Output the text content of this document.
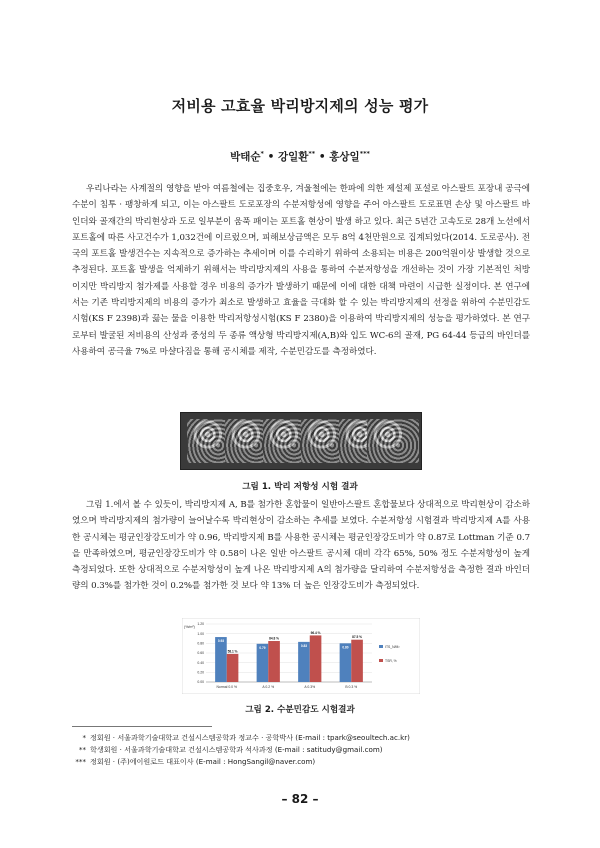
저비용 고효율 박리방지제의 성능 평가
박태순* • 강일환** • 홍상일***

우리나라는 사계절의 영향을 받아 여름철에는 집중호우, 겨울철에는 한파에 의한 제설제 포설로 아스팔트 포장내 공극에 수분이 침투 · 팽창하게 되고, 이는 아스팔트 도로포장의 수분저항성에 영향을 주어 아스팔트 도로표면 손상 및 아스팔트 바인더와 골재간의 박리현상과 도로 일부분이 움푹 패이는 포트홀 현상이 발생 하고 있다. 최근 5년간 고속도로 28개 노선에서 포트홀에 따른 사고건수가 1,032건에 이르렀으며, 피해보상금액은 모두 8억 4천만원으로 집계되었다(2014. 도로공사). 전국의 포트홀 발생건수는 지속적으로 증가하는 추세이며 이를 수리하기 위하여 소용되는 비용은 200억원이상 발생할 것으로 추정된다. 포트홀 발생을 억제하기 위해서는 박리방지제의 사용을 통하여 수분저항성을 개선하는 것이 가장 기본적인 처방이지만 박리방지 첨가제를 사용할 경우 비용의 증가가 발생하기 때문에 이에 대한 대책 마련이 시급한 실정이다. 본 연구에서는 기존 박리방지제의 비용의 증가가 최소로 발생하고 효율을 극대화 할 수 있는 박리방지제의 선정을 위하여 수분민감도시험(KS F 2398)과 끓는 물을 이용한 박리저항성시험(KS F 2380)을 이용하여 박리방지제의 성능을 평가하였다. 본 연구로부터 발굴된 저비용의 산성과 중성의 두 종류 액상형 박리방지제(A,B)와 입도 WC-6의 골재, PG 64-44 등급의 바인더를 사용하여 공극율 7%로 마샬다짐을 통해 공시체를 제작, 수분민감도를 측정하였다.

그림 1. 박리 저항성 시험 결과

그림 1.에서 볼 수 있듯이, 박리방지제 A, B를 첨가한 혼합물이 일반아스팔트 혼합물보다 상대적으로 박리현상이 감소하였으며 박리방지제의 첨가량이 늘어날수록 박리현상이 감소하는 추세를 보였다. 수분저항성 시험결과 박리방지제 A를 사용한 공시체는 평균인장강도비가 약 0.96, 박리방지제 B를 사용한 공시체는 평균인장강도비가 약 0.87로 Lottman 기준 0.7을 만족하였으며, 평균인장강도비가 약 0.58이 나온 일반 아스팔트 공시체 대비 각각 65%, 50% 정도 수분저항성이 높게 측정되었다. 또한 상대적으로 수분저항성이 높게 나온 박리방지제 A의 첨가량을 달리하여 수분저항성을 측정한 결과 바인더량의 0.3%를 첨가한 것이 0.2%를 첨가한 것 보다 약 13% 더 높은 인장강도비가 측정되었다.

(%/m²)
0.00
0.20
0.40
0.60
0.80
1.00
1.20
0.93
58.1 %
Normal 0.0 %
0.79
84.8 %
A 0.2 %
0.83
96.4 %
A 0.3%
0.80
87.5 %
B 0.3 %
ITS_N/M²
TSR, %
그림 2. 수분민감도 시험결과
* 정회원 · 서울과학기술대학교 건설시스템공학과 정교수 · 공학박사 (E-mail : tpark@seoultech.ac.kr)
** 학생회원 · 서울과학기술대학교 건설시스템공학과 석사과정 (E-mail : satitudy@gmail.com)
*** 정회원 · (주)에이원로드 대표이사 (E-mail : HongSangil@naver.com)
– 82 –
